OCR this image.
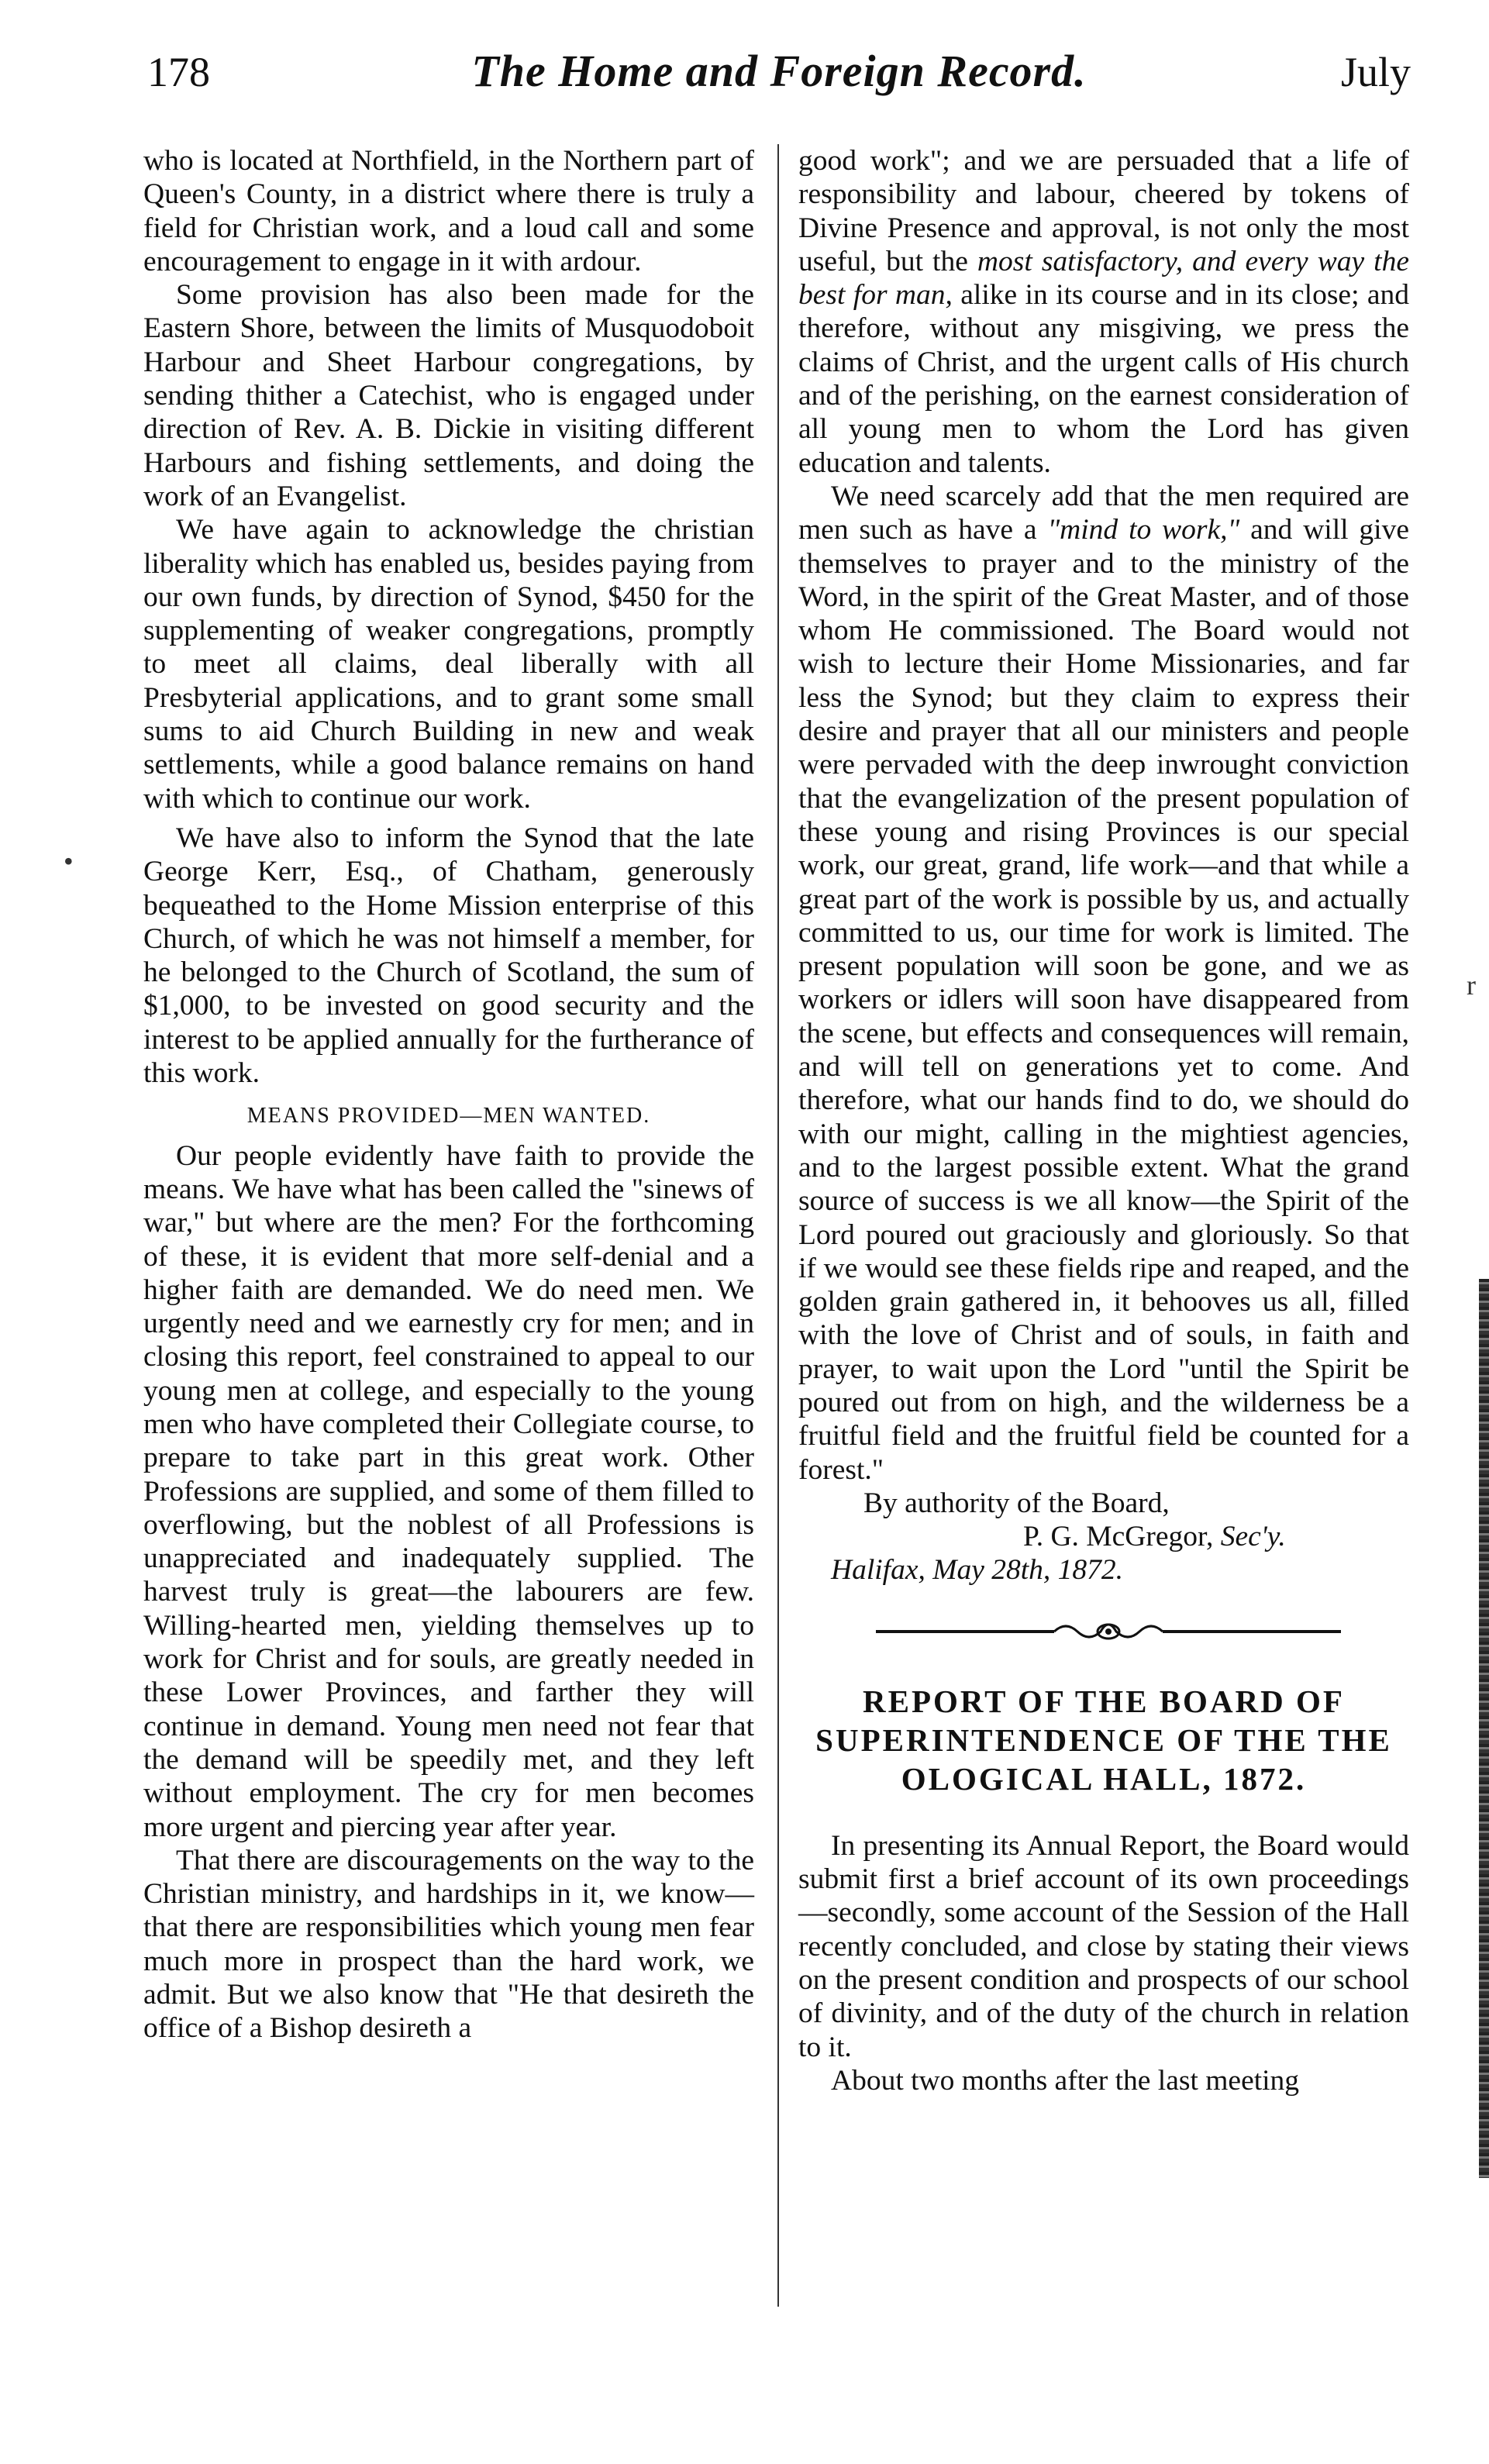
178	The Home and Foreign Record.	July

who is located at Northfield, in the Northern part of Queen's County, in a district where there is truly a field for Christian work, and a loud call and some encouragement to engage in it with ardour.

Some provision has also been made for the Eastern Shore, between the limits of Musquodoboit Harbour and Sheet Harbour congregations, by sending thither a Catechist, who is engaged under direction of Rev. A. B. Dickie in visiting different Harbours and fishing settlements, and doing the work of an Evangelist.

We have again to acknowledge the christian liberality which has enabled us, besides paying from our own funds, by direction of Synod, $450 for the supplementing of weaker congregations, promptly to meet all claims, deal liberally with all Presbyterial applications, and to grant some small sums to aid Church Building in new and weak settlements, while a good balance remains on hand with which to continue our work.

We have also to inform the Synod that the late George Kerr, Esq., of Chatham, generously bequeathed to the Home Mission enterprise of this Church, of which he was not himself a member, for he belonged to the Church of Scotland, the sum of $1,000, to be invested on good security and the interest to be applied annually for the furtherance of this work.

MEANS PROVIDED—MEN WANTED.

Our people evidently have faith to provide the means. We have what has been called the "sinews of war," but where are the men? For the forthcoming of these, it is evident that more self-denial and a higher faith are demanded. We do need men. We urgently need and we earnestly cry for men; and in closing this report, feel constrained to appeal to our young men at college, and especially to the young men who have completed their Collegiate course, to prepare to take part in this great work. Other Professions are supplied, and some of them filled to overflowing, but the noblest of all Professions is unappreciated and inadequately supplied. The harvest truly is great—the labourers are few. Willing-hearted men, yielding themselves up to work for Christ and for souls, are greatly needed in these Lower Provinces, and farther they will continue in demand. Young men need not fear that the demand will be speedily met, and they left without employment. The cry for men becomes more urgent and piercing year after year.

That there are discouragements on the way to the Christian ministry, and hardships in it, we know—that there are responsibilities which young men fear much more in prospect than the hard work, we admit. But we also know that "He that desireth the office of a Bishop desireth a

good work"; and we are persuaded that a life of responsibility and labour, cheered by tokens of Divine Presence and approval, is not only the most useful, but the most satisfactory, and every way the best for man, alike in its course and in its close; and therefore, without any misgiving, we press the claims of Christ, and the urgent calls of His church and of the perishing, on the earnest consideration of all young men to whom the Lord has given education and talents.

We need scarcely add that the men required are men such as have a "mind to work," and will give themselves to prayer and to the ministry of the Word, in the spirit of the Great Master, and of those whom He commissioned. The Board would not wish to lecture their Home Missionaries, and far less the Synod; but they claim to express their desire and prayer that all our ministers and people were pervaded with the deep inwrought conviction that the evangelization of the present population of these young and rising Provinces is our special work, our great, grand, life work—and that while a great part of the work is possible by us, and actually committed to us, our time for work is limited. The present population will soon be gone, and we as workers or idlers will soon have disappeared from the scene, but effects and consequences will remain, and will tell on generations yet to come. And therefore, what our hands find to do, we should do with our might, calling in the mightiest agencies, and to the largest possible extent. What the grand source of success is we all know—the Spirit of the Lord poured out graciously and gloriously. So that if we would see these fields ripe and reaped, and the golden grain gathered in, it behooves us all, filled with the love of Christ and of souls, in faith and prayer, to wait upon the Lord "until the Spirit be poured out from on high, and the wilderness be a fruitful field and the fruitful field be counted for a forest."

By authority of the Board,
P. G. McGregor, Sec'y.
Halifax, May 28th, 1872.
REPORT OF THE BOARD OF SUPERINTENDENCE OF THE THE OLOGICAL HALL, 1872.

In presenting its Annual Report, the Board would submit first a brief account of its own proceedings—secondly, some account of the Session of the Hall recently concluded, and close by stating their views on the present condition and prospects of our school of divinity, and of the duty of the church in relation to it.

About two months after the last meeting

•
r
